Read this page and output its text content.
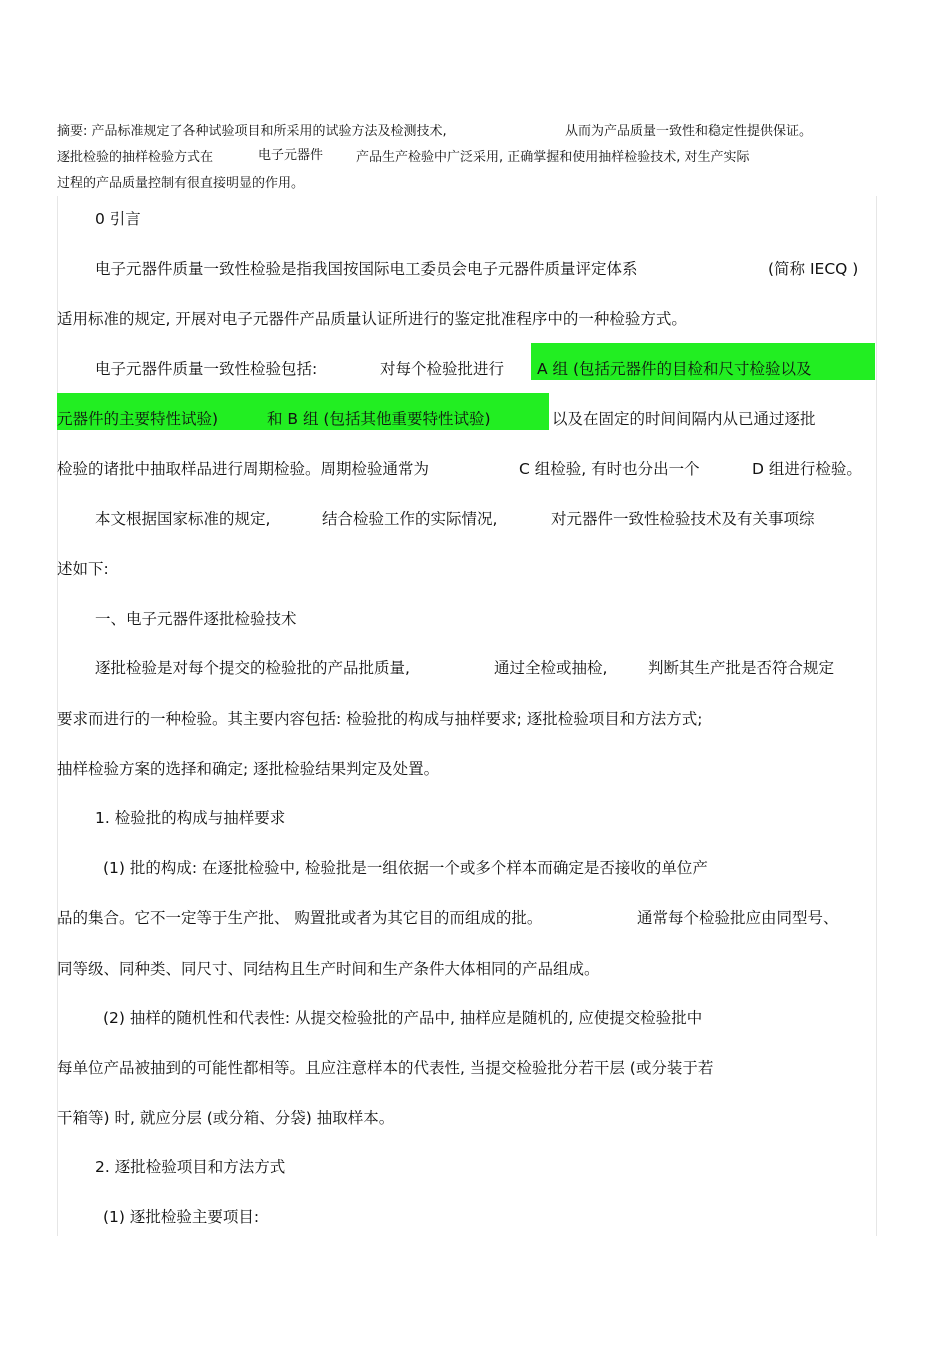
摘要: 产品标准规定了各种试验项目和所采用的试验方法及检测技术,	从而为产品质量一致性和稳定性提供保证。
逐批检验的抽样检验方式在	电子元器件	产品生产检验中广泛采用, 正确掌握和使用抽样检验技术, 对生产实际
过程的产品质量控制有很直接明显的作用。
0 引言
电子元器件质量一致性检验是指我国按国际电工委员会电子元器件质量评定体系	(简称 IECQ )
适用标准的规定, 开展对电子元器件产品质量认证所进行的鉴定批准程序中的一种检验方式。
电子元器件质量一致性检验包括:	对每个检验批进行 A 组 (包括元器件的目检和尺寸检验以及
元器件的主要特性试验)	和 B 组 (包括其他重要特性试验)	以及在固定的时间间隔内从已通过逐批
检验的诸批中抽取样品进行周期检验。周期检验通常为	C 组检验, 有时也分出一个	D 组进行检验。
本文根据国家标准的规定,	结合检验工作的实际情况,	对元器件一致性检验技术及有关事项综
述如下:
一、电子元器件逐批检验技术
逐批检验是对每个提交的检验批的产品批质量,	通过全检或抽检,	判断其生产批是否符合规定
要求而进行的一种检验。其主要内容包括: 检验批的构成与抽样要求; 逐批检验项目和方法方式;
抽样检验方案的选择和确定; 逐批检验结果判定及处置。
1. 检验批的构成与抽样要求
(1) 批的构成: 在逐批检验中, 检验批是一组依据一个或多个样本而确定是否接收的单位产
品的集合。它不一定等于生产批、 购置批或者为其它目的而组成的批。	通常每个检验批应由同型号、
同等级、同种类、同尺寸、同结构且生产时间和生产条件大体相同的产品组成。
(2) 抽样的随机性和代表性: 从提交检验批的产品中, 抽样应是随机的, 应使提交检验批中
每单位产品被抽到的可能性都相等。且应注意样本的代表性, 当提交检验批分若干层 (或分装于若
干箱等) 时, 就应分层 (或分箱、分袋) 抽取样本。
2. 逐批检验项目和方法方式
(1) 逐批检验主要项目:
